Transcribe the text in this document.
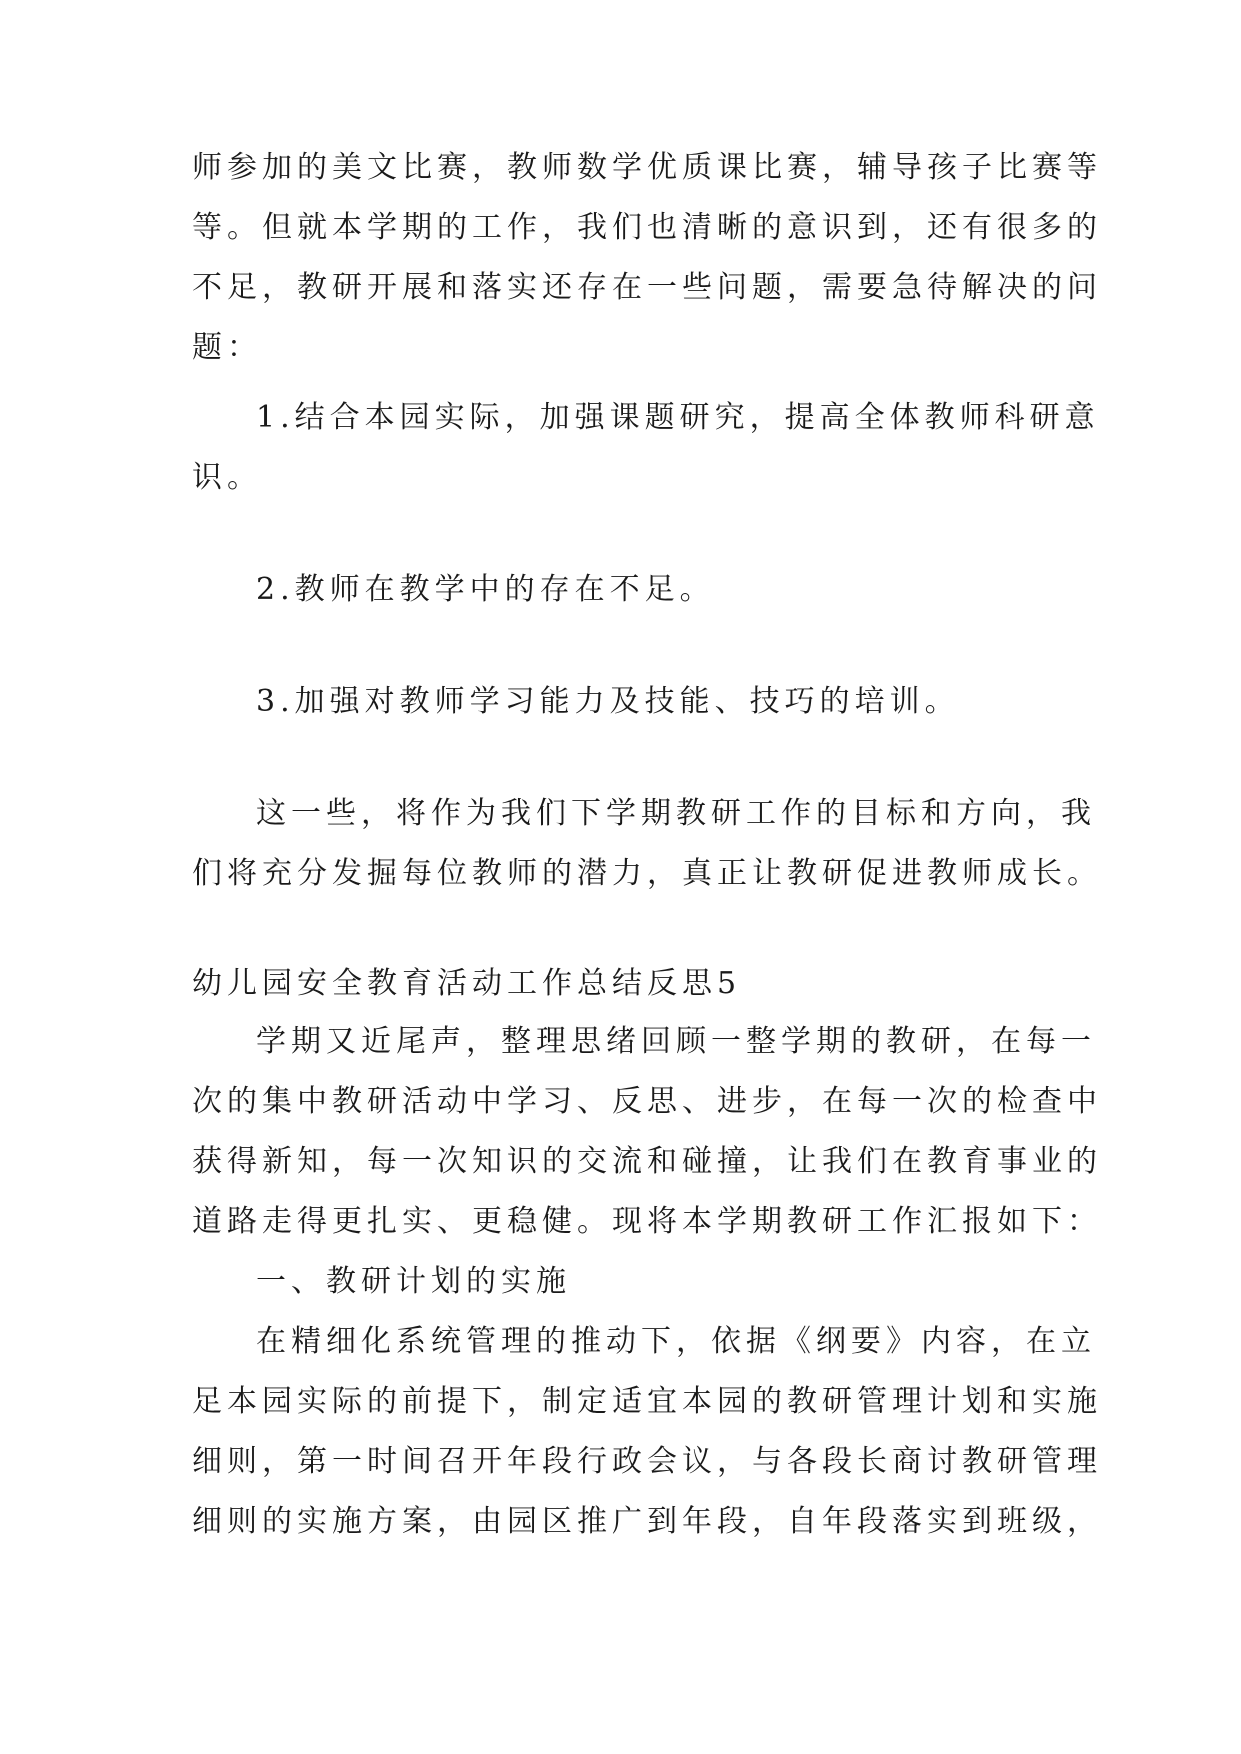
师参加的美文比赛，教师数学优质课比赛，辅导孩子比赛等
等。但就本学期的工作，我们也清晰的意识到，还有很多的
不足，教研开展和落实还存在一些问题，需要急待解决的问
题：
1.结合本园实际，加强课题研究，提高全体教师科研意
识。
2.教师在教学中的存在不足。
3.加强对教师学习能力及技能、技巧的培训。
这一些，将作为我们下学期教研工作的目标和方向，我
们将充分发掘每位教师的潜力，真正让教研促进教师成长。
幼儿园安全教育活动工作总结反思5
学期又近尾声，整理思绪回顾一整学期的教研，在每一
次的集中教研活动中学习、反思、进步，在每一次的检查中
获得新知，每一次知识的交流和碰撞，让我们在教育事业的
道路走得更扎实、更稳健。现将本学期教研工作汇报如下：
一、教研计划的实施
在精细化系统管理的推动下，依据《纲要》内容，在立
足本园实际的前提下，制定适宜本园的教研管理计划和实施
细则，第一时间召开年段行政会议，与各段长商讨教研管理
细则的实施方案，由园区推广到年段，自年段落实到班级，
